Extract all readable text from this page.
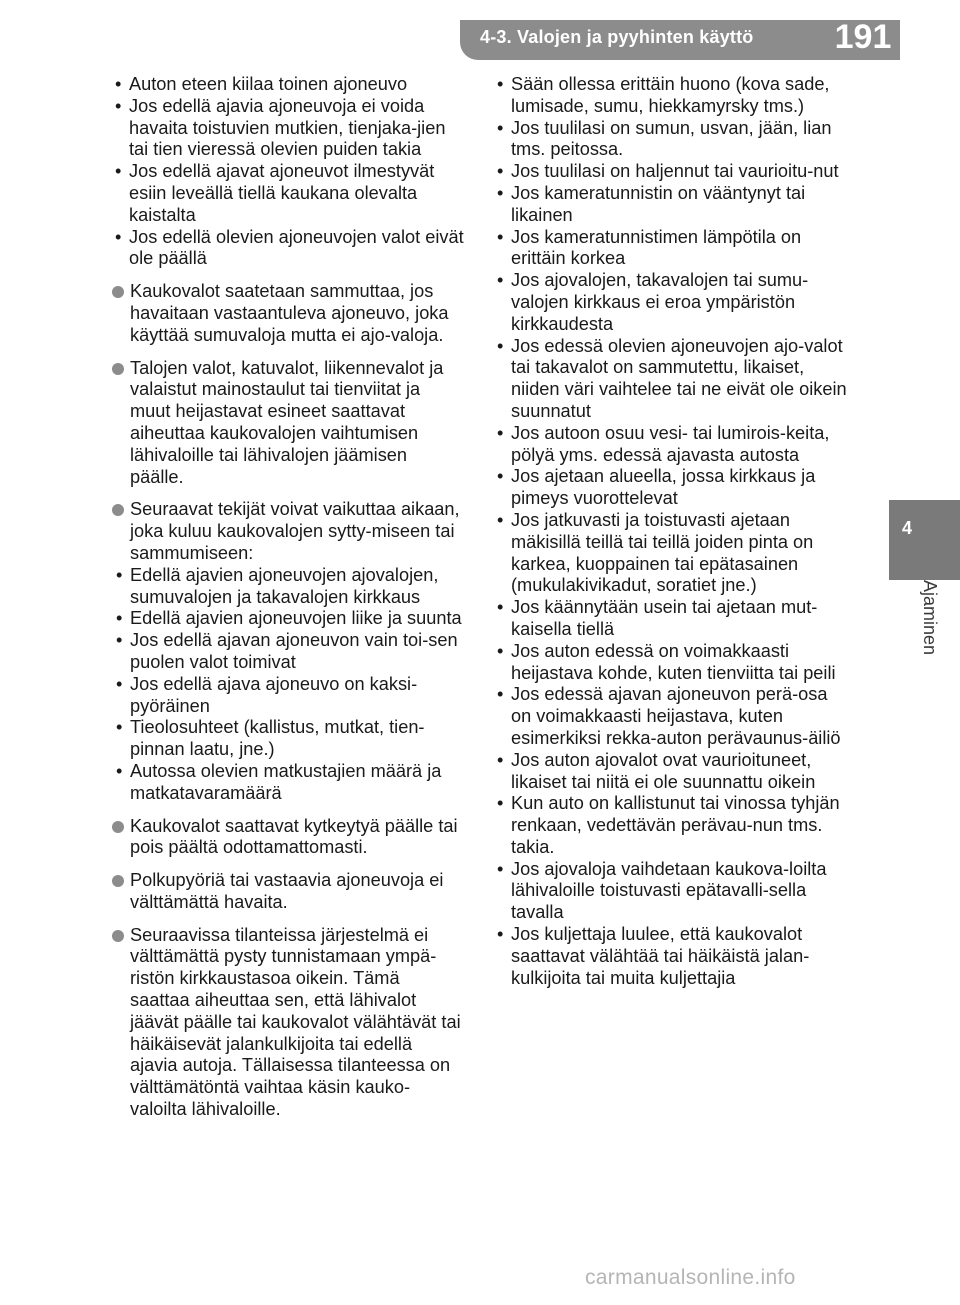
4-3. Valojen ja pyyhinten käyttö 191
4
Ajaminen
• Auton eteen kiilaa toinen ajoneuvo
• Jos edellä ajavia ajoneuvoja ei voida havaita toistuvien mutkien, tienjaka-jien tai tien vieressä olevien puiden takia
• Jos edellä ajavat ajoneuvot ilmestyvät esiin leveällä tiellä kaukana olevalta kaistalta
• Jos edellä olevien ajoneuvojen valot eivät ole päällä
Kaukovalot saatetaan sammuttaa, jos havaitaan vastaantuleva ajoneuvo, joka käyttää sumuvaloja mutta ei ajo-valoja.
Talojen valot, katuvalot, liikennevalot ja valaistut mainostaulut tai tienviitat ja muut heijastavat esineet saattavat aiheuttaa kaukovalojen vaihtumisen lähivaloille tai lähivalojen jäämisen päälle.
Seuraavat tekijät voivat vaikuttaa aikaan, joka kuluu kaukovalojen sytty-miseen tai sammumiseen:
• Edellä ajavien ajoneuvojen ajovalojen, sumuvalojen ja takavalojen kirkkaus
• Edellä ajavien ajoneuvojen liike ja suunta
• Jos edellä ajavan ajoneuvon vain toi-sen puolen valot toimivat
• Jos edellä ajava ajoneuvo on kaksi-pyöräinen
• Tieolosuhteet (kallistus, mutkat, tien-pinnan laatu, jne.)
• Autossa olevien matkustajien määrä ja matkatavaramäärä
Kaukovalot saattavat kytkeytyä päälle tai pois päältä odottamattomasti.
Polkupyöriä tai vastaavia ajoneuvoja ei välttämättä havaita.
Seuraavissa tilanteissa järjestelmä ei välttämättä pysty tunnistamaan ympä-ristön kirkkaustasoa oikein. Tämä saattaa aiheuttaa sen, että lähivalot jäävät päälle tai kaukovalot välähtävät tai häikäisevät jalankulkijoita tai edellä ajavia autoja. Tällaisessa tilanteessa on välttämätöntä vaihtaa käsin kauko-valoilta lähivaloille.
• Sään ollessa erittäin huono (kova sade, lumisade, sumu, hiekkamyrsky tms.)
• Jos tuulilasi on sumun, usvan, jään, lian tms. peitossa.
• Jos tuulilasi on haljennut tai vaurioitu-nut
• Jos kameratunnistin on vääntynyt tai likainen
• Jos kameratunnistimen lämpötila on erittäin korkea
• Jos ajovalojen, takavalojen tai sumu-valojen kirkkaus ei eroa ympäristön kirkkaudesta
• Jos edessä olevien ajoneuvojen ajo-valot tai takavalot on sammutettu, likaiset, niiden väri vaihtelee tai ne eivät ole oikein suunnatut
• Jos autoon osuu vesi- tai lumirois-keita, pölyä yms. edessä ajavasta autosta
• Jos ajetaan alueella, jossa kirkkaus ja pimeys vuorottelevat
• Jos jatkuvasti ja toistuvasti ajetaan mäkisillä teillä tai teillä joiden pinta on karkea, kuoppainen tai epätasainen (mukulakivikadut, soratiet jne.)
• Jos käännytään usein tai ajetaan mut-kaisella tiellä
• Jos auton edessä on voimakkaasti heijastava kohde, kuten tienviitta tai peili
• Jos edessä ajavan ajoneuvon perä-osa on voimakkaasti heijastava, kuten esimerkiksi rekka-auton perävaunus-äiliö
• Jos auton ajovalot ovat vaurioituneet, likaiset tai niitä ei ole suunnattu oikein
• Kun auto on kallistunut tai vinossa tyhjän renkaan, vedettävän perävau-nun tms. takia.
• Jos ajovaloja vaihdetaan kaukova-loilta lähivaloille toistuvasti epätavalli-sella tavalla
• Jos kuljettaja luulee, että kaukovalot saattavat välähtää tai häikäistä jalan-kulkijoita tai muita kuljettajia
carmanualsonline.info
